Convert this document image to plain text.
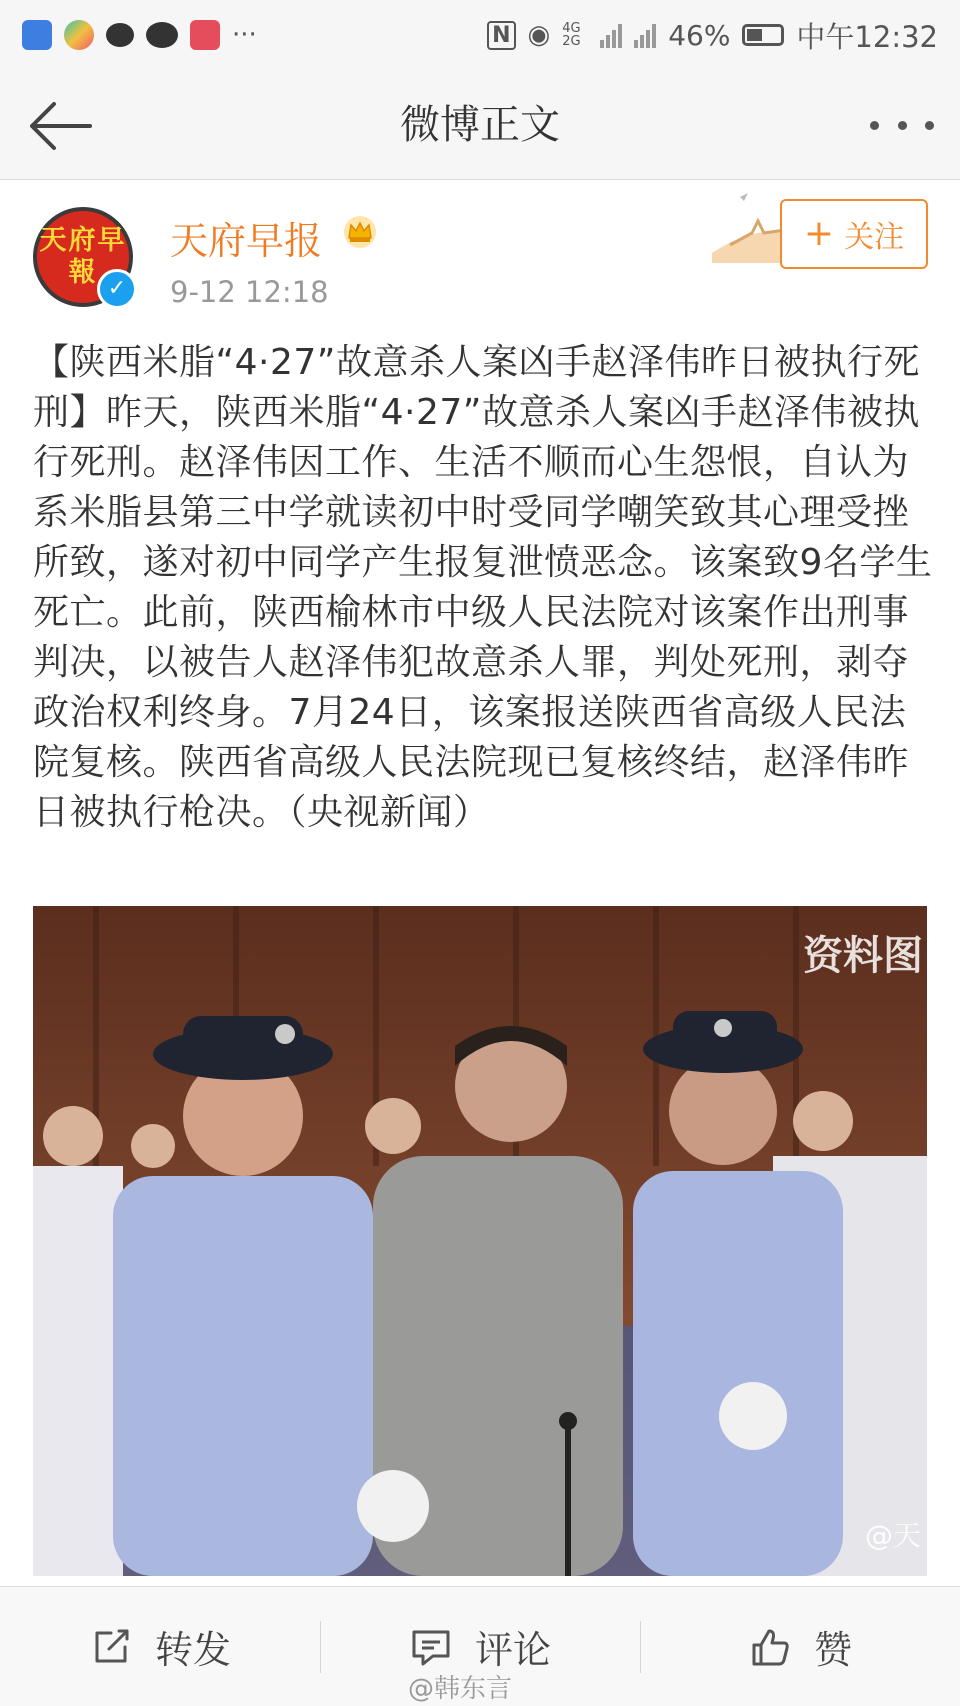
···	N ◉ 4G 2G	46% 中午12:32
微博正文
天府早報
✓
天府早报
9-12 12:18
+ 关注
【陕西米脂“4·27”故意杀人案凶手赵泽伟昨日被执行死刑】昨天，陕西米脂“4·27”故意杀人案凶手赵泽伟被执行死刑。赵泽伟因工作、生活不顺而心生怨恨，自认为系米脂县第三中学就读初中时受同学嘲笑致其心理受挫所致，遂对初中同学产生报复泄愤恶念。该案致9名学生死亡。此前，陕西榆林市中级人民法院对该案作出刑事判决，以被告人赵泽伟犯故意杀人罪，判处死刑，剥夺政治权利终身。7月24日，该案报送陕西省高级人民法院复核。陕西省高级人民法院现已复核终结，赵泽伟昨日被执行枪决。（央视新闻）
资料图
@天
转发	评论	赞
@韩东言
